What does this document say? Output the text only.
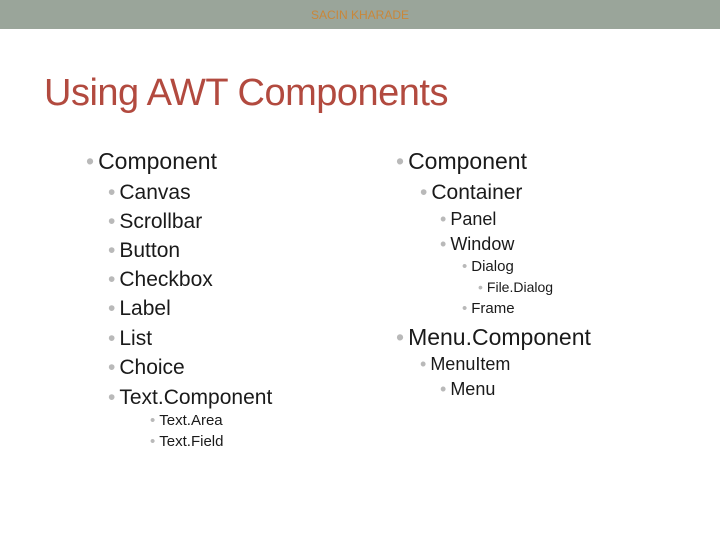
SACIN KHARADE
Using AWT Components
• Component
• Canvas
• Scrollbar
• Button
• Checkbox
• Label
• List
• Choice
• Text.Component
• Text.Area
• Text.Field
• Component
• Container
• Panel
• Window
• Dialog
• File.Dialog
• Frame
• Menu.Component
• MenuItem
• Menu
